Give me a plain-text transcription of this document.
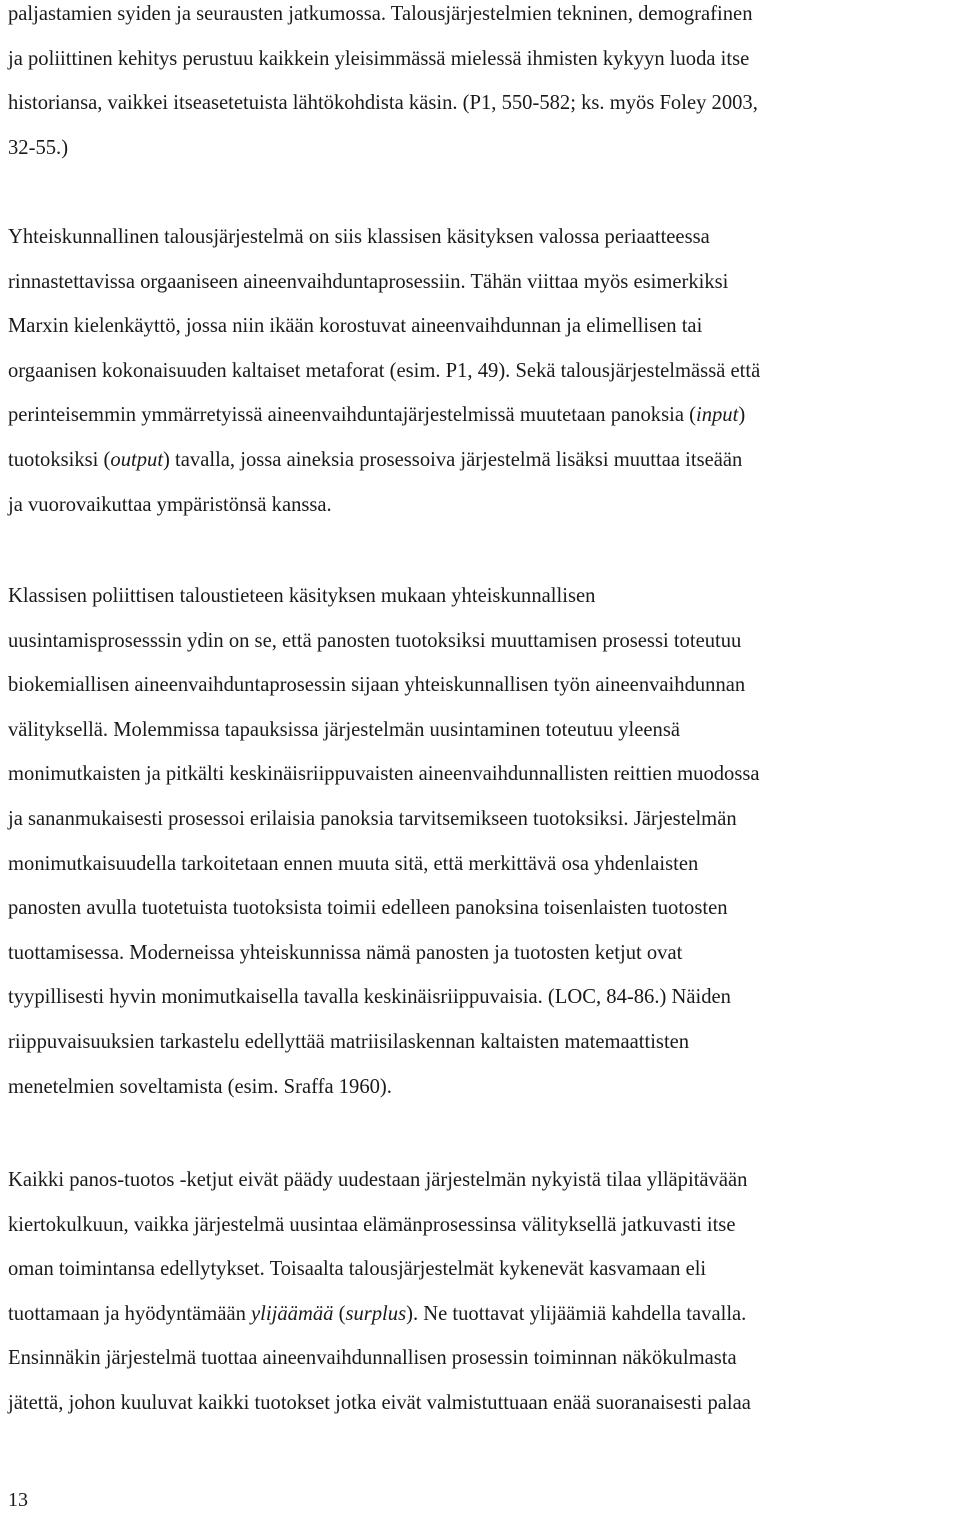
paljastamien syiden ja seurausten jatkumossa. Talousjärjestelmien tekninen, demografinen
ja poliittinen kehitys perustuu kaikkein yleisimmässä mielessä ihmisten kykyyn luoda itse
historiansa, vaikkei itseasetetuista lähtökohdista käsin. (P1, 550-582; ks. myös Foley 2003,
32-55.)

Yhteiskunnallinen talousjärjestelmä on siis klassisen käsityksen valossa periaatteessa
rinnastettavissa orgaaniseen aineenvaihduntaprosessiin. Tähän viittaa myös esimerkiksi
Marxin kielenkäyttö, jossa niin ikään korostuvat aineenvaihdunnan ja elimellisen tai
orgaanisen kokonaisuuden kaltaiset metaforat (esim. P1, 49). Sekä talousjärjestelmässä että
perinteisemmin ymmärretyissä aineenvaihduntajärjestelmissä muutetaan panoksia (input)
tuotoksiksi (output) tavalla, jossa aineksia prosessoiva järjestelmä lisäksi muuttaa itseään
ja vuorovaikuttaa ympäristönsä kanssa.

Klassisen poliittisen taloustieteen käsityksen mukaan yhteiskunnallisen
uusintamisprosesssin ydin on se, että panosten tuotoksiksi muuttamisen prosessi toteutuu
biokemiallisen aineenvaihduntaprosessin sijaan yhteiskunnallisen työn aineenvaihdunnan
välityksellä. Molemmissa tapauksissa järjestelmän uusintaminen toteutuu yleensä
monimutkaisten ja pitkälti keskinäisriippuvaisten aineenvaihdunnallisten reittien muodossa
ja sananmukaisesti prosessoi erilaisia panoksia tarvitsemikseen tuotoksiksi. Järjestelmän
monimutkaisuudella tarkoitetaan ennen muuta sitä, että merkittävä osa yhdenlaisten
panosten avulla tuotetuista tuotoksista toimii edelleen panoksina toisenlaisten tuotosten
tuottamisessa. Moderneissa yhteiskunnissa nämä panosten ja tuotosten ketjut ovat
tyypillisesti hyvin monimutkaisella tavalla keskinäisriippuvaisia. (LOC, 84-86.) Näiden
riippuvaisuuksien tarkastelu edellyttää matriisilaskennan kaltaisten matemaattisten
menetelmien soveltamista (esim. Sraffa 1960).

Kaikki panos-tuotos -ketjut eivät päädy uudestaan järjestelmän nykyistä tilaa ylläpitävään
kiertokulkuun, vaikka järjestelmä uusintaa elämänprosessinsa välityksellä jatkuvasti itse
oman toimintansa edellytykset. Toisaalta talousjärjestelmät kykenevät kasvamaan eli
tuottamaan ja hyödyntämään ylijäämää (surplus). Ne tuottavat ylijäämiä kahdella tavalla.
Ensinnäkin järjestelmä tuottaa aineenvaihdunnallisen prosessin toiminnan näkökulmasta
jätettä, johon kuuluvat kaikki tuotokset jotka eivät valmistuttuaan enää suoranaisesti palaa

13
